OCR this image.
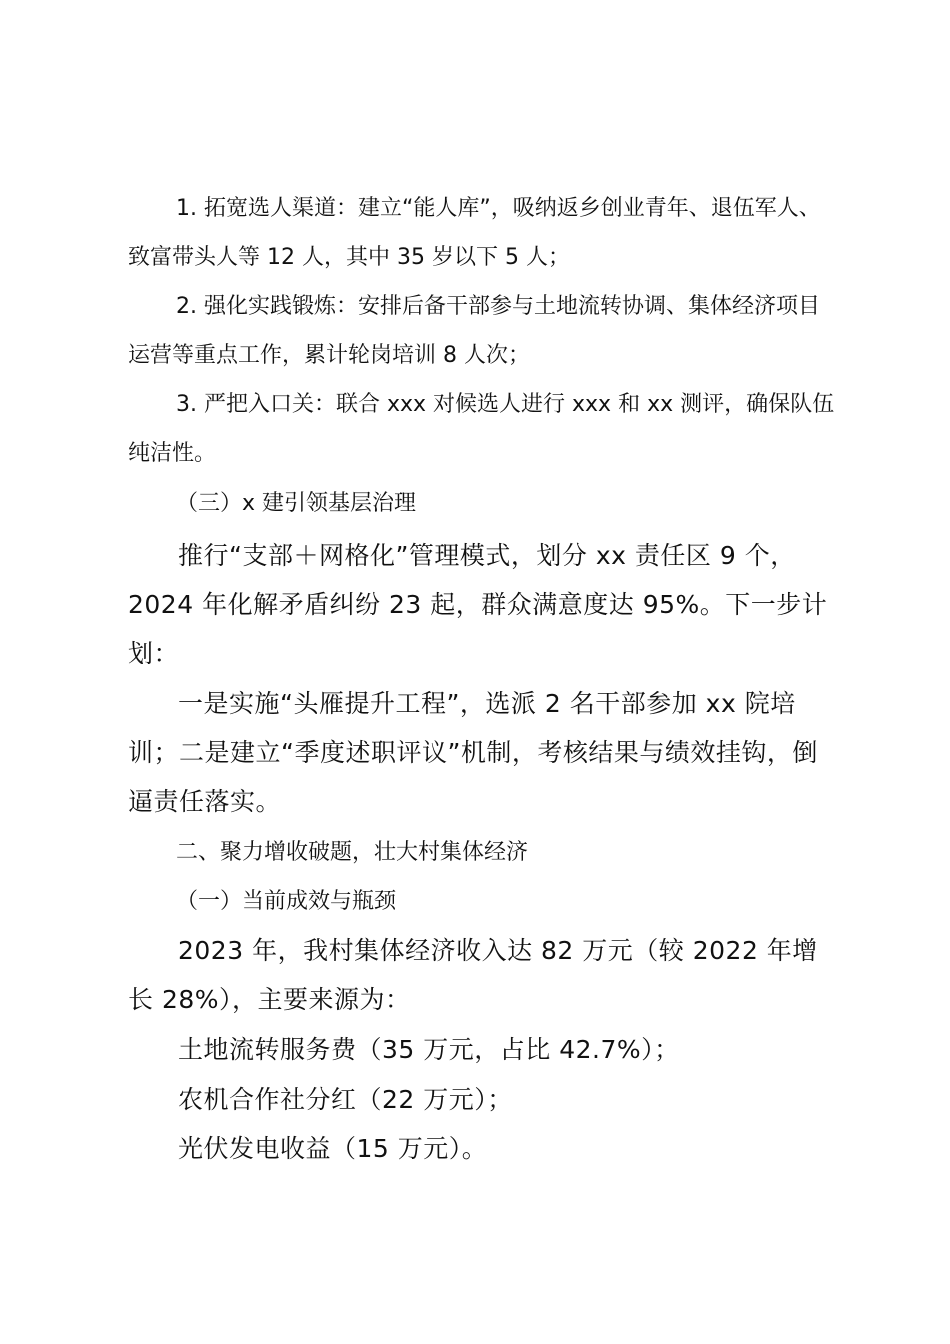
1. 拓宽选人渠道：建立“能人库”，吸纳返乡创业青年、退伍军人、致富带头人等 12 人，其中 35 岁以下 5 人；

2. 强化实践锻炼：安排后备干部参与土地流转协调、集体经济项目运营等重点工作，累计轮岗培训 8 人次；

3. 严把入口关：联合 xxx 对候选人进行 xxx 和 xx 测评，确保队伍纯洁性。

（三）x 建引领基层治理

推行“支部＋网格化”管理模式，划分 xx 责任区 9 个，2024 年化解矛盾纠纷 23 起，群众满意度达 95%。下一步计划：

一是实施“头雁提升工程”，选派 2 名干部参加 xx 院培训；二是建立“季度述职评议”机制，考核结果与绩效挂钩，倒逼责任落实。

二、聚力增收破题，壮大村集体经济

（一）当前成效与瓶颈

2023 年，我村集体经济收入达 82 万元（较 2022 年增长 28%），主要来源为：

土地流转服务费（35 万元，占比 42.7%）；

农机合作社分红（22 万元）；

光伏发电收益（15 万元）。
